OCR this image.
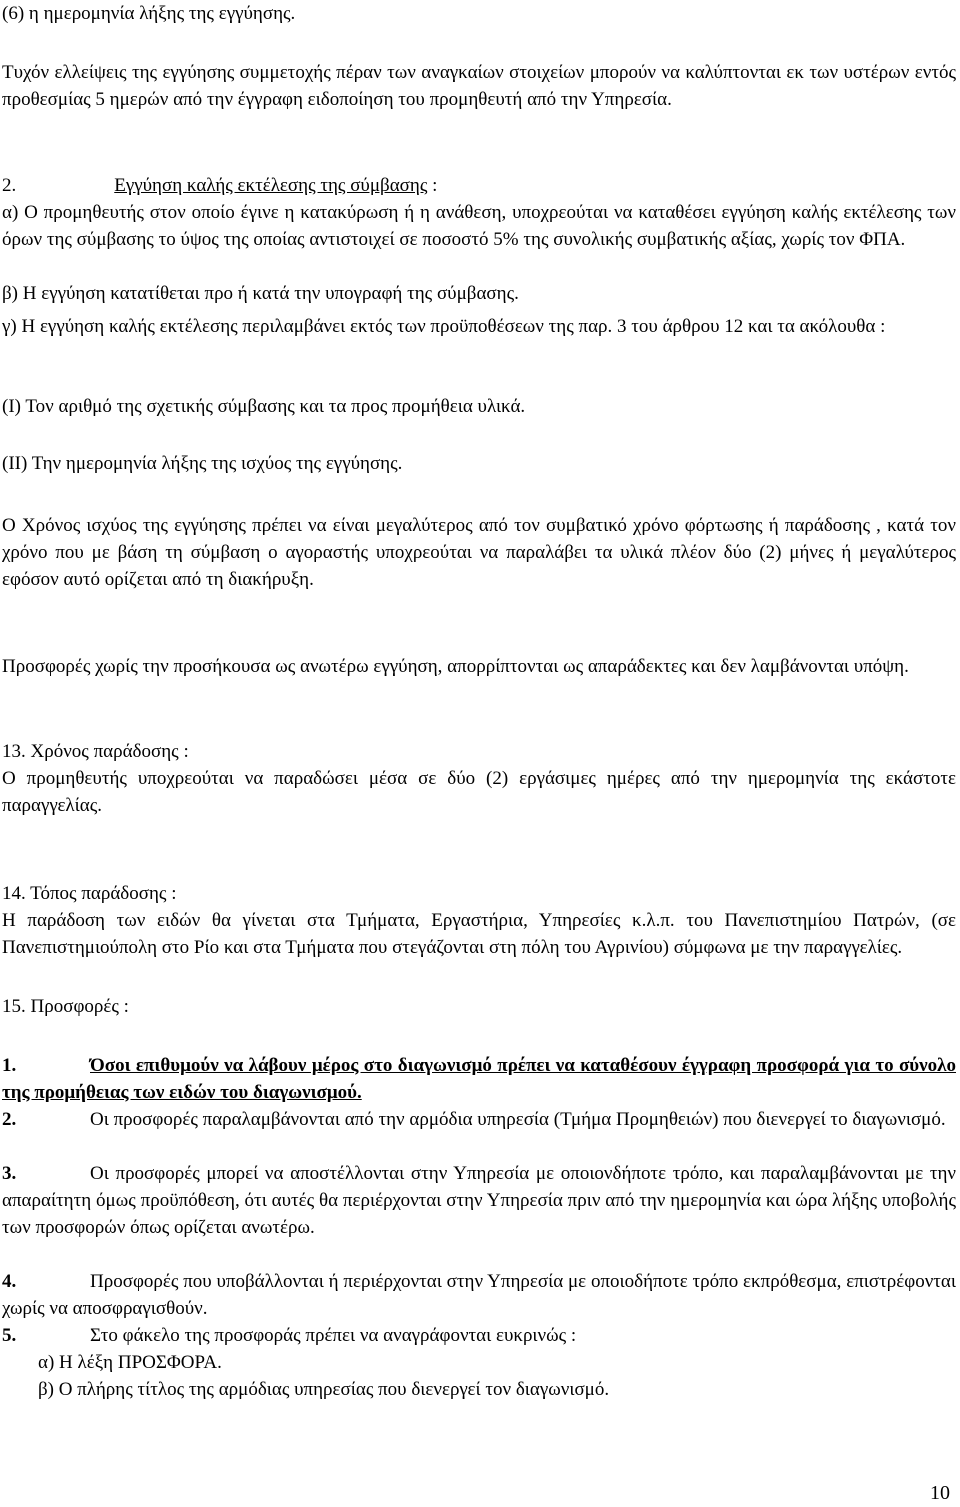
(6) η ημερομηνία λήξης της εγγύησης.

Τυχόν ελλείψεις της εγγύησης συμμετοχής πέραν των αναγκαίων στοιχείων μπορούν να καλύπτονται εκ των υστέρων εντός προθεσμίας 5 ημερών από την έγγραφη ειδοποίηση του προμηθευτή από την Υπηρεσία.

2.	Εγγύηση καλής εκτέλεσης της σύμβασης :

α) Ο προμηθευτής στον οποίο έγινε η κατακύρωση ή η ανάθεση, υποχρεούται να καταθέσει εγγύηση καλής εκτέλεσης των όρων της σύμβασης το ύψος της οποίας αντιστοιχεί σε ποσοστό 5% της συνολικής συμβατικής αξίας, χωρίς τον ΦΠΑ.

β) Η εγγύηση κατατίθεται προ ή κατά την υπογραφή της σύμβασης.

γ) Η εγγύηση καλής εκτέλεσης περιλαμβάνει εκτός των προϋποθέσεων της παρ. 3 του άρθρου 12 και τα ακόλουθα :

(Ι) Τον αριθμό της σχετικής σύμβασης και τα προς προμήθεια υλικά.

(ΙΙ) Την ημερομηνία λήξης της ισχύος της εγγύησης.

Ο Χρόνος ισχύος της εγγύησης πρέπει να είναι μεγαλύτερος από τον συμβατικό χρόνο φόρτωσης ή παράδοσης , κατά τον χρόνο που με βάση τη σύμβαση ο αγοραστής υποχρεούται να παραλάβει τα υλικά πλέον δύο (2) μήνες ή μεγαλύτερος εφόσον αυτό ορίζεται από τη διακήρυξη.

Προσφορές χωρίς την προσήκουσα ως ανωτέρω εγγύηση, απορρίπτονται ως απαράδεκτες και δεν λαμβάνονται υπόψη.

13. Χρόνος παράδοσης :

Ο προμηθευτής υποχρεούται να παραδώσει μέσα σε δύο (2) εργάσιμες ημέρες από την ημερομηνία της εκάστοτε παραγγελίας.

14. Τόπος παράδοσης :

Η παράδοση των ειδών θα γίνεται στα Τμήματα, Εργαστήρια, Υπηρεσίες κ.λ.π. του Πανεπιστημίου Πατρών, (σε Πανεπιστημιούπολη στο Ρίο και στα Τμήματα που στεγάζονται στη πόλη του Αγρινίου) σύμφωνα με την παραγγελίες.

15. Προσφορές :

1.	Όσοι επιθυμούν να λάβουν μέρος στο διαγωνισμό πρέπει να καταθέσουν έγγραφη προσφορά για το σύνολο της προμήθειας των ειδών του διαγωνισμού.

2.	Οι προσφορές παραλαμβάνονται από την αρμόδια υπηρεσία (Τμήμα Προμηθειών) που διενεργεί το διαγωνισμό.

3.	Οι προσφορές μπορεί να αποστέλλονται στην Υπηρεσία με οποιονδήποτε τρόπο, και παραλαμβάνονται με την απαραίτητη όμως προϋπόθεση, ότι αυτές θα περιέρχονται στην Υπηρεσία πριν από την ημερομηνία και ώρα λήξης υποβολής των προσφορών όπως ορίζεται ανωτέρω.

4.	Προσφορές που υποβάλλονται ή περιέρχονται στην Υπηρεσία με οποιοδήποτε τρόπο εκπρόθεσμα, επιστρέφονται χωρίς να αποσφραγισθούν.

5.	Στο φάκελο της προσφοράς πρέπει να αναγράφονται ευκρινώς :

α) Η λέξη ΠΡΟΣΦΟΡΑ.

β) Ο πλήρης τίτλος της αρμόδιας υπηρεσίας που διενεργεί τον διαγωνισμό.

10
